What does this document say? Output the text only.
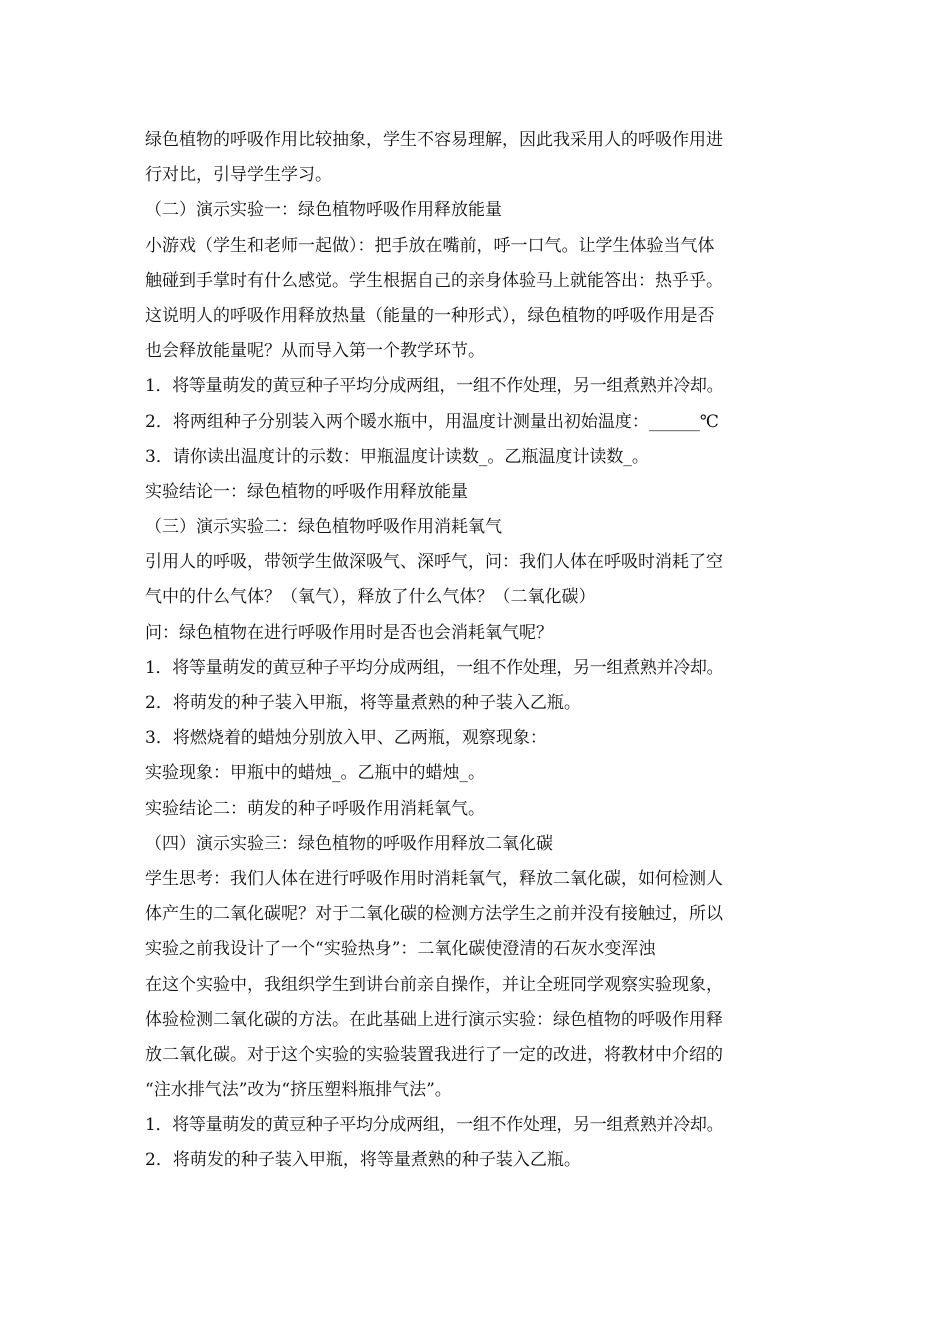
绿色植物的呼吸作用比较抽象，学生不容易理解，因此我采用人的呼吸作用进
行对比，引导学生学习。
（二）演示实验一：绿色植物呼吸作用释放能量
小游戏（学生和老师一起做）：把手放在嘴前，呼一口气。让学生体验当气体
触碰到手掌时有什么感觉。学生根据自己的亲身体验马上就能答出：热乎乎。
这说明人的呼吸作用释放热量（能量的一种形式），绿色植物的呼吸作用是否
也会释放能量呢？从而导入第一个教学环节。
1．将等量萌发的黄豆种子平均分成两组，一组不作处理，另一组煮熟并冷却。
2．将两组种子分别装入两个暖水瓶中，用温度计测量出初始温度：______℃
3．请你读出温度计的示数：甲瓶温度计读数_。乙瓶温度计读数_。
实验结论一：绿色植物的呼吸作用释放能量
（三）演示实验二：绿色植物呼吸作用消耗氧气
引用人的呼吸，带领学生做深吸气、深呼气，问：我们人体在呼吸时消耗了空
气中的什么气体？（氧气），释放了什么气体？（二氧化碳）
问：绿色植物在进行呼吸作用时是否也会消耗氧气呢？
1．将等量萌发的黄豆种子平均分成两组，一组不作处理，另一组煮熟并冷却。
2．将萌发的种子装入甲瓶，将等量煮熟的种子装入乙瓶。
3．将燃烧着的蜡烛分别放入甲、乙两瓶，观察现象：
实验现象：甲瓶中的蜡烛_。乙瓶中的蜡烛_。
实验结论二：萌发的种子呼吸作用消耗氧气。
（四）演示实验三：绿色植物的呼吸作用释放二氧化碳
学生思考：我们人体在进行呼吸作用时消耗氧气，释放二氧化碳，如何检测人
体产生的二氧化碳呢？对于二氧化碳的检测方法学生之前并没有接触过，所以
实验之前我设计了一个“实验热身”：二氧化碳使澄清的石灰水变浑浊
在这个实验中，我组织学生到讲台前亲自操作，并让全班同学观察实验现象，
体验检测二氧化碳的方法。在此基础上进行演示实验：绿色植物的呼吸作用释
放二氧化碳。对于这个实验的实验装置我进行了一定的改进，将教材中介绍的
“注水排气法”改为“挤压塑料瓶排气法”。
1．将等量萌发的黄豆种子平均分成两组，一组不作处理，另一组煮熟并冷却。
2．将萌发的种子装入甲瓶，将等量煮熟的种子装入乙瓶。
